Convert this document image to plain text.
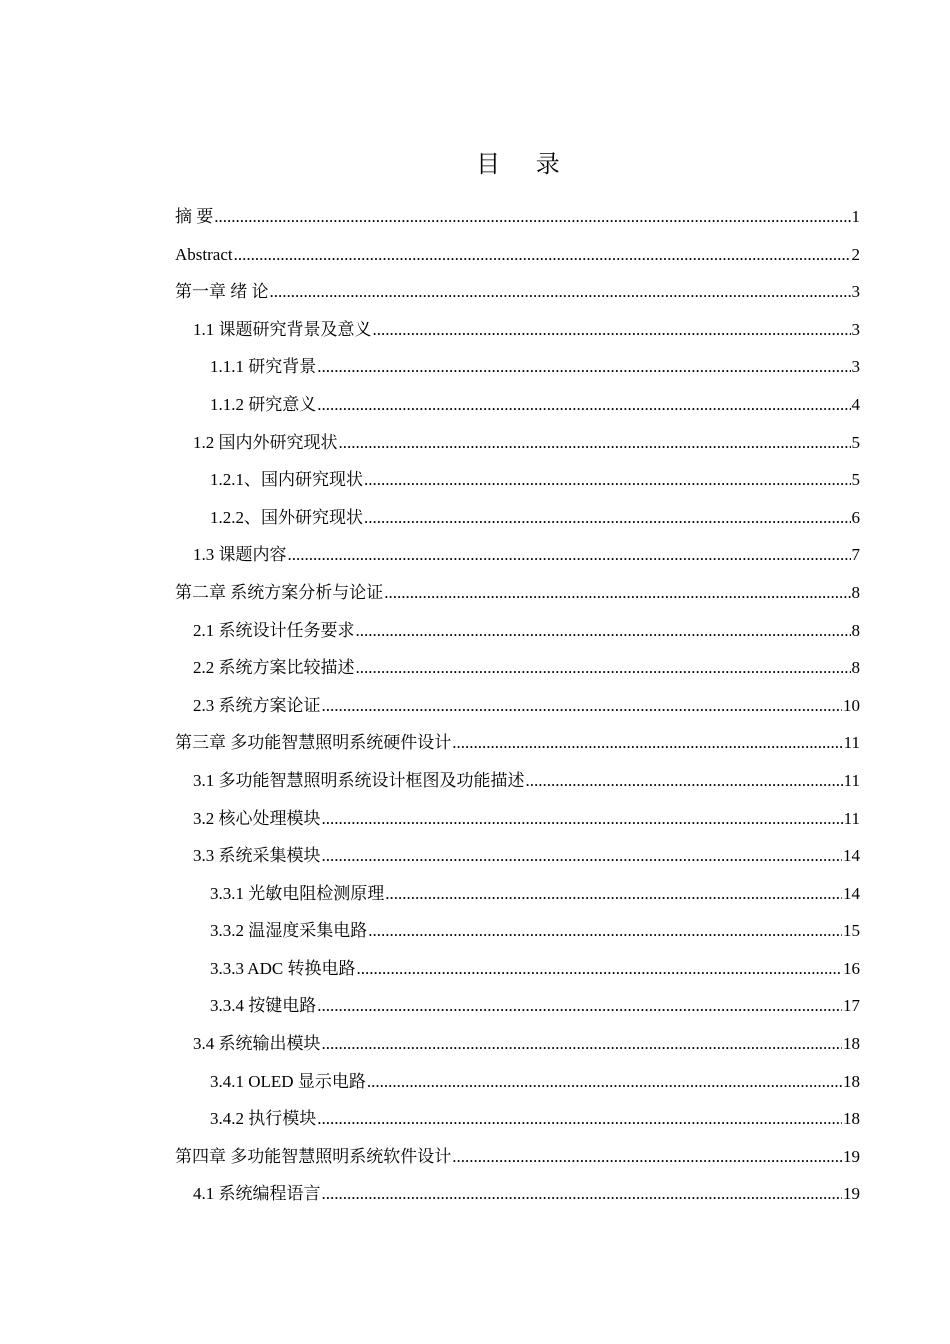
目 录
摘 要 .....	1
Abstract .....	2
第一章 绪 论 .....	3
1.1 课题研究背景及意义 .....	3
1.1.1 研究背景 .....	3
1.1.2 研究意义 .....	4
1.2 国内外研究现状 .....	5
1.2.1、国内研究现状 .....	5
1.2.2、国外研究现状 .....	6
1.3 课题内容 .....	7
第二章 系统方案分析与论证 .....	8
2.1 系统设计任务要求 .....	8
2.2 系统方案比较描述 .....	8
2.3 系统方案论证 .....	10
第三章 多功能智慧照明系统硬件设计 .....	11
3.1 多功能智慧照明系统设计框图及功能描述 .....	11
3.2 核心处理模块 .....	11
3.3 系统采集模块 .....	14
3.3.1 光敏电阻检测原理 .....	14
3.3.2 温湿度采集电路 .....	15
3.3.3 ADC 转换电路 .....	16
3.3.4 按键电路 .....	17
3.4 系统输出模块 .....	18
3.4.1 OLED 显示电路 .....	18
3.4.2 执行模块 .....	18
第四章 多功能智慧照明系统软件设计 .....	19
4.1 系统编程语言 .....	19
